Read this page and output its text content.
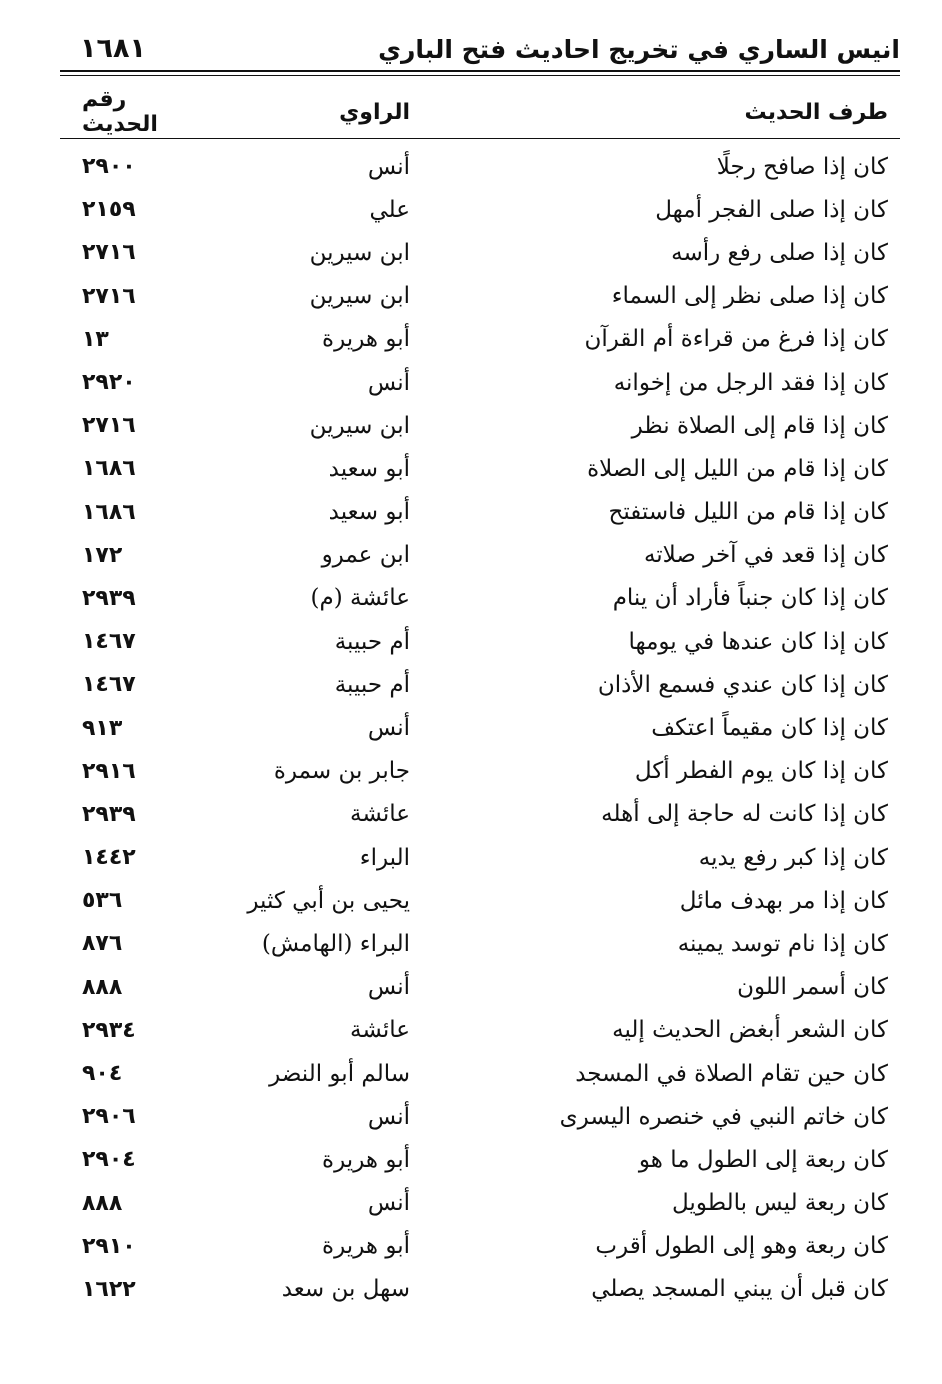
١٦٨١	انيس الساري في تخريج احاديث فتح الباري
طرف الحديث
الراوي
رقم الحديث
كان إذا صافح رجلًا
أنس
٢٩٠٠
كان إذا صلى الفجر أمهل
علي
٢١٥٩
كان إذا صلى رفع رأسه
ابن سيرين
٢٧١٦
كان إذا صلى نظر إلى السماء
ابن سيرين
٢٧١٦
كان إذا فرغ من قراءة أم القرآن
أبو هريرة
١٣
كان إذا فقد الرجل من إخوانه
أنس
٢٩٢٠
كان إذا قام إلى الصلاة نظر
ابن سيرين
٢٧١٦
كان إذا قام من الليل إلى الصلاة
أبو سعيد
١٦٨٦
كان إذا قام من الليل فاستفتح
أبو سعيد
١٦٨٦
كان إذا قعد في آخر صلاته
ابن عمرو
١٧٢
كان إذا كان جنباً فأراد أن ينام
عائشة (م)
٢٩٣٩
كان إذا كان عندها في يومها
أم حبيبة
١٤٦٧
كان إذا كان عندي فسمع الأذان
أم حبيبة
١٤٦٧
كان إذا كان مقيماً اعتكف
أنس
٩١٣
كان إذا كان يوم الفطر أكل
جابر بن سمرة
٢٩١٦
كان إذا كانت له حاجة إلى أهله
عائشة
٢٩٣٩
كان إذا كبر رفع يديه
البراء
١٤٤٢
كان إذا مر بهدف مائل
يحيى بن أبي كثير
٥٣٦
كان إذا نام توسد يمينه
البراء (الهامش)
٨٧٦
كان أسمر اللون
أنس
٨٨٨
كان الشعر أبغض الحديث إليه
عائشة
٢٩٣٤
كان حين تقام الصلاة في المسجد
سالم أبو النضر
٩٠٤
كان خاتم النبي في خنصره اليسرى
أنس
٢٩٠٦
كان ربعة إلى الطول ما هو
أبو هريرة
٢٩٠٤
كان ربعة ليس بالطويل
أنس
٨٨٨
كان ربعة وهو إلى الطول أقرب
أبو هريرة
٢٩١٠
كان قبل أن يبني المسجد يصلي
سهل بن سعد
١٦٢٢
